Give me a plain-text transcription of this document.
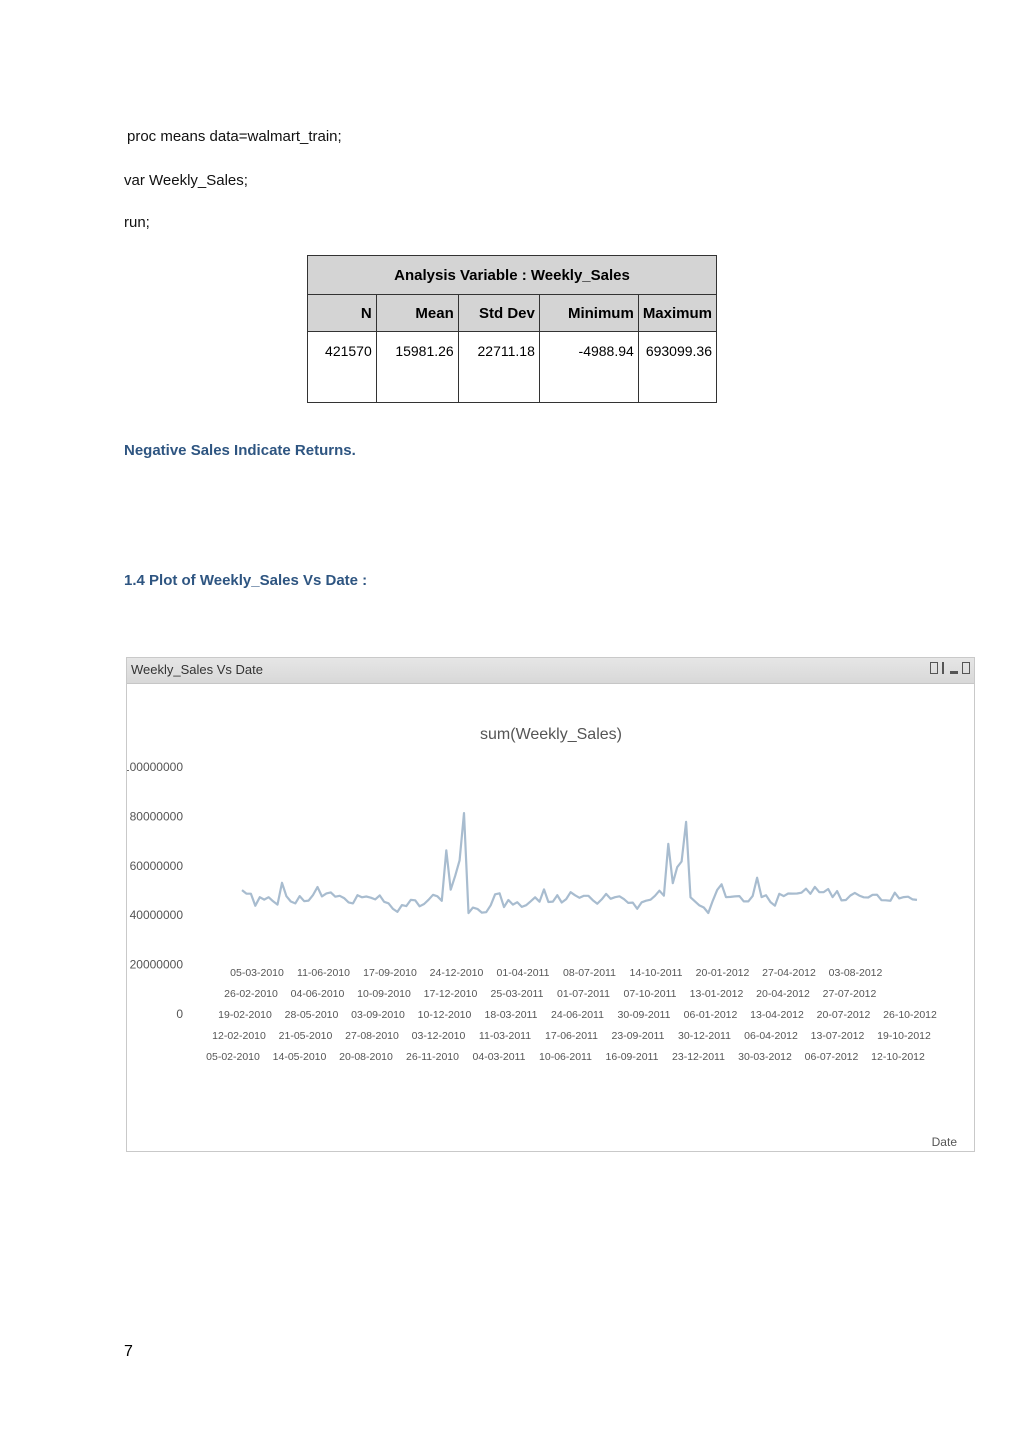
proc means data=walmart_train;
var Weekly_Sales;
run;
Analysis Variable : Weekly_Sales				
N	Mean	Std Dev	Minimum	Maximum
421570	15981.26	22711.18	-4988.94	693099.36
Negative Sales Indicate Returns.
1.4 Plot of Weekly_Sales Vs Date :
Weekly_Sales Vs Date
sum(Weekly_Sales)
0
20000000
40000000
60000000
80000000
100000000
05-03-2010 11-06-2010 17-09-2010 24-12-2010 01-04-2011 08-07-2011 14-10-2011 20-01-2012 27-04-2012 03-08-2012
26-02-2010 04-06-2010 10-09-2010 17-12-2010 25-03-2011 01-07-2011 07-10-2011 13-01-2012 20-04-2012 27-07-2012
19-02-2010 28-05-2010 03-09-2010 10-12-2010 18-03-2011 24-06-2011 30-09-2011 06-01-2012 13-04-2012 20-07-2012 26-10-2012
12-02-2010 21-05-2010 27-08-2010 03-12-2010 11-03-2011 17-06-2011 23-09-2011 30-12-2011 06-04-2012 13-07-2012 19-10-2012
05-02-2010 14-05-2010 20-08-2010 26-11-2010 04-03-2011 10-06-2011 16-09-2011 23-12-2011 30-03-2012 06-07-2012 12-10-2012
Date
7
